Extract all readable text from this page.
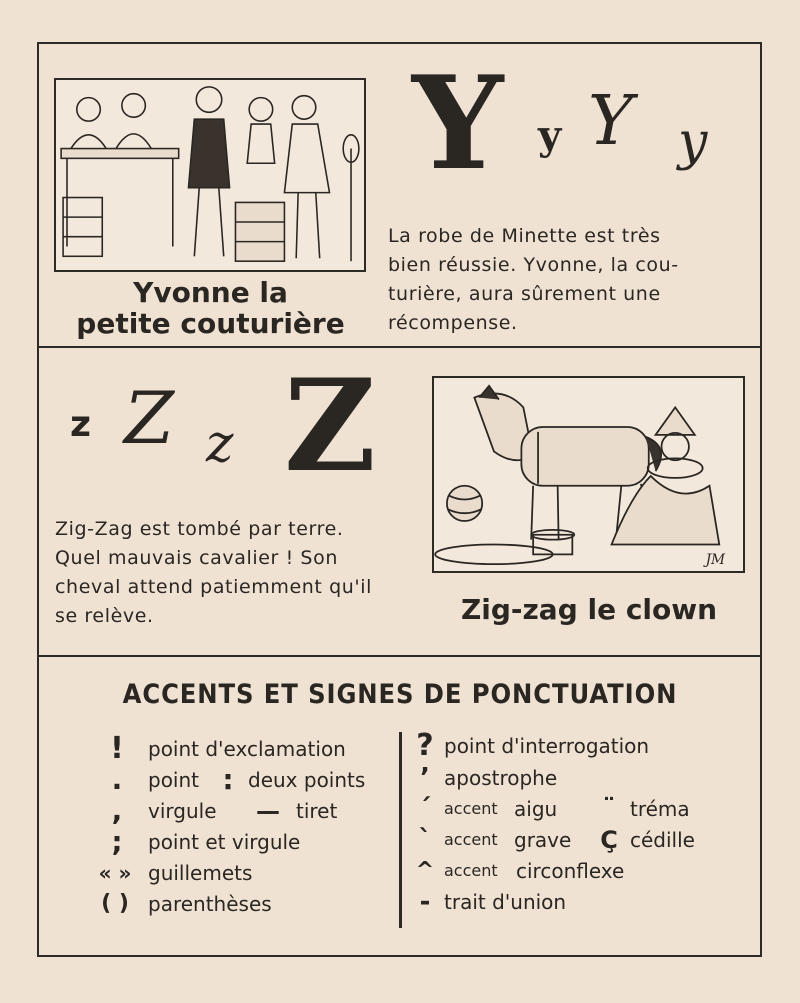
Yvonne la
petite couturière
Y y Y y
La robe de Minette est très
bien réussie. Yvonne, la cou-
turière, aura sûrement une
récompense.
z Z z Z
Zig-Zag est tombé par terre.
Quel mauvais cavalier ! Son
cheval attend patiemment qu'il
se relève.
JM
Zig-zag le clown
ACCENTS ET SIGNES DE PONCTUATION
!	point d'exclamation
.	point : deux points
,	virgule — tiret
;	point et virgule
« » guillemets
( ) parenthèses
? point d'interrogation
’ apostrophe
´ accent aigu	¨ tréma
` accent grave Ç cédille
^ accent circonflexe
- trait d'union
